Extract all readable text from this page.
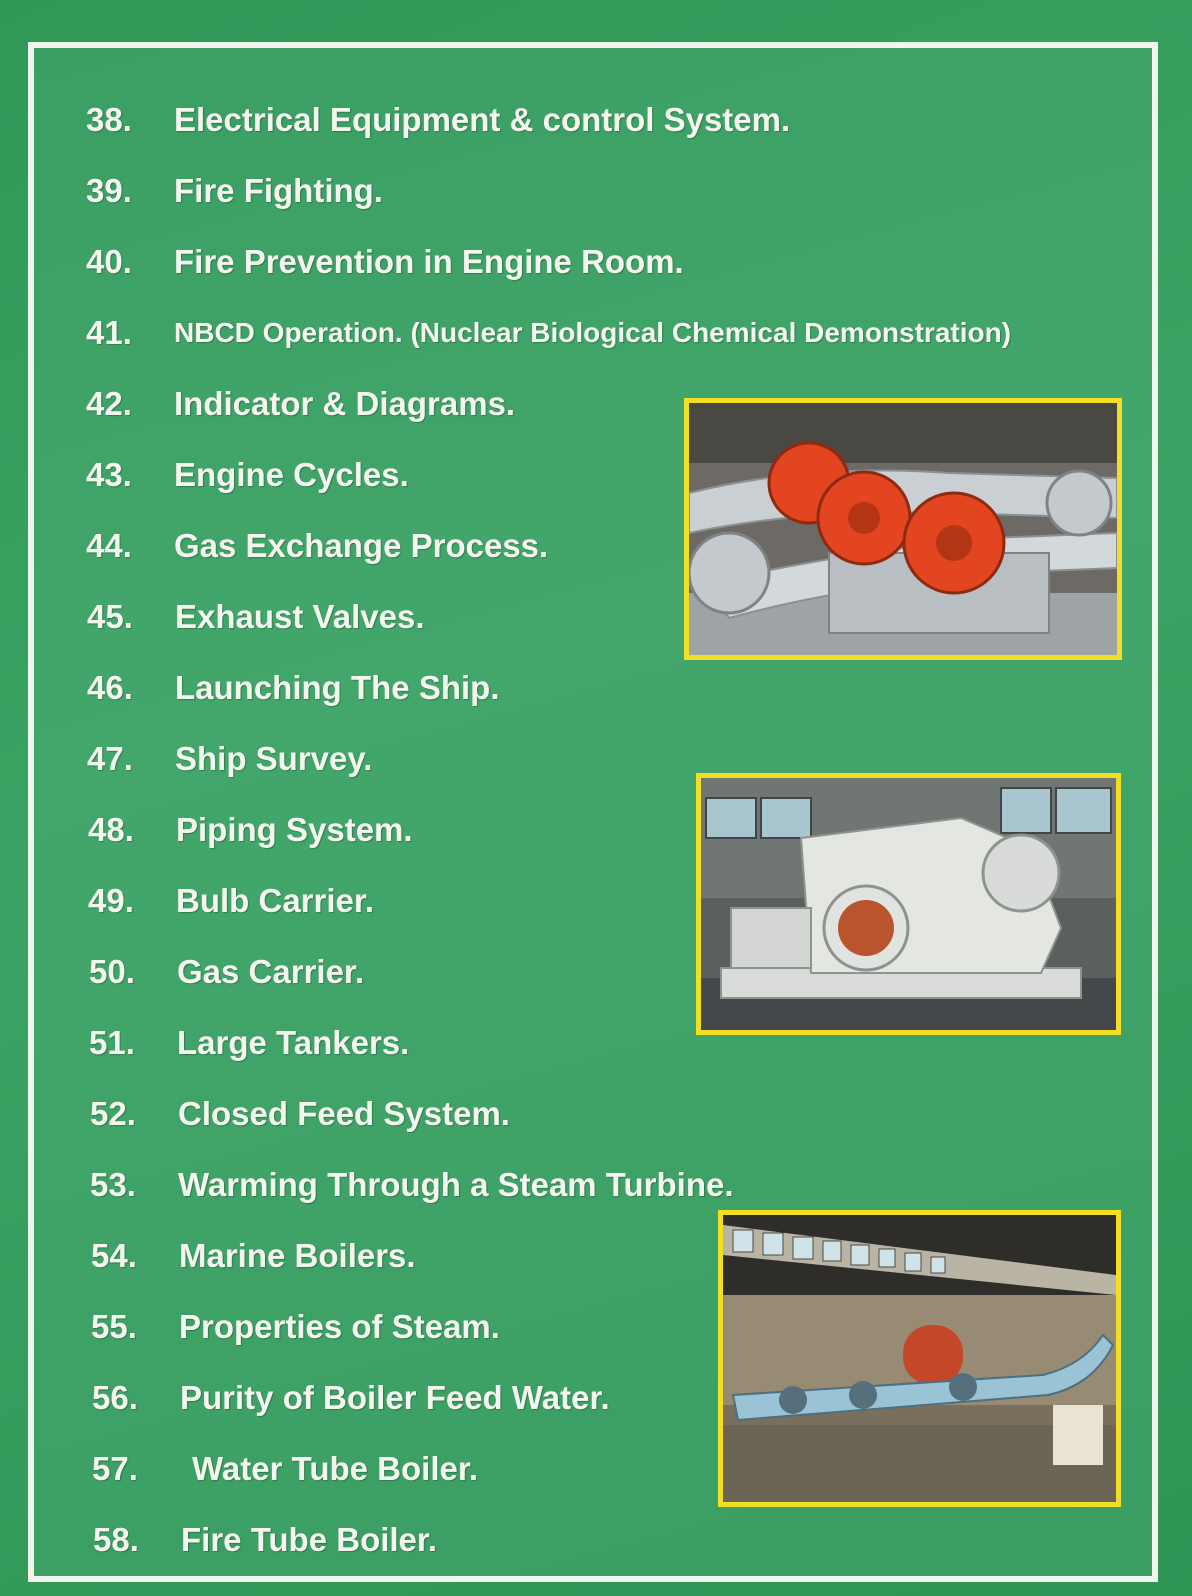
38.	Electrical Equipment & control System.
39.	Fire Fighting.
40.	Fire Prevention in Engine Room.
41.	NBCD Operation. (Nuclear Biological Chemical Demonstration)
42.	Indicator & Diagrams.
43.	Engine Cycles.
44.	Gas Exchange Process.
45.	Exhaust Valves.
46.	Launching The Ship.
47.	Ship Survey.
48.	Piping System.
49.	Bulb Carrier.
50.	Gas Carrier.
51.	Large Tankers.
52.	Closed Feed System.
53.	Warming Through a Steam Turbine.
54.	Marine Boilers.
55.	Properties of Steam.
56.	Purity of Boiler Feed Water.
57.	Water Tube Boiler.
58.	Fire Tube Boiler.
